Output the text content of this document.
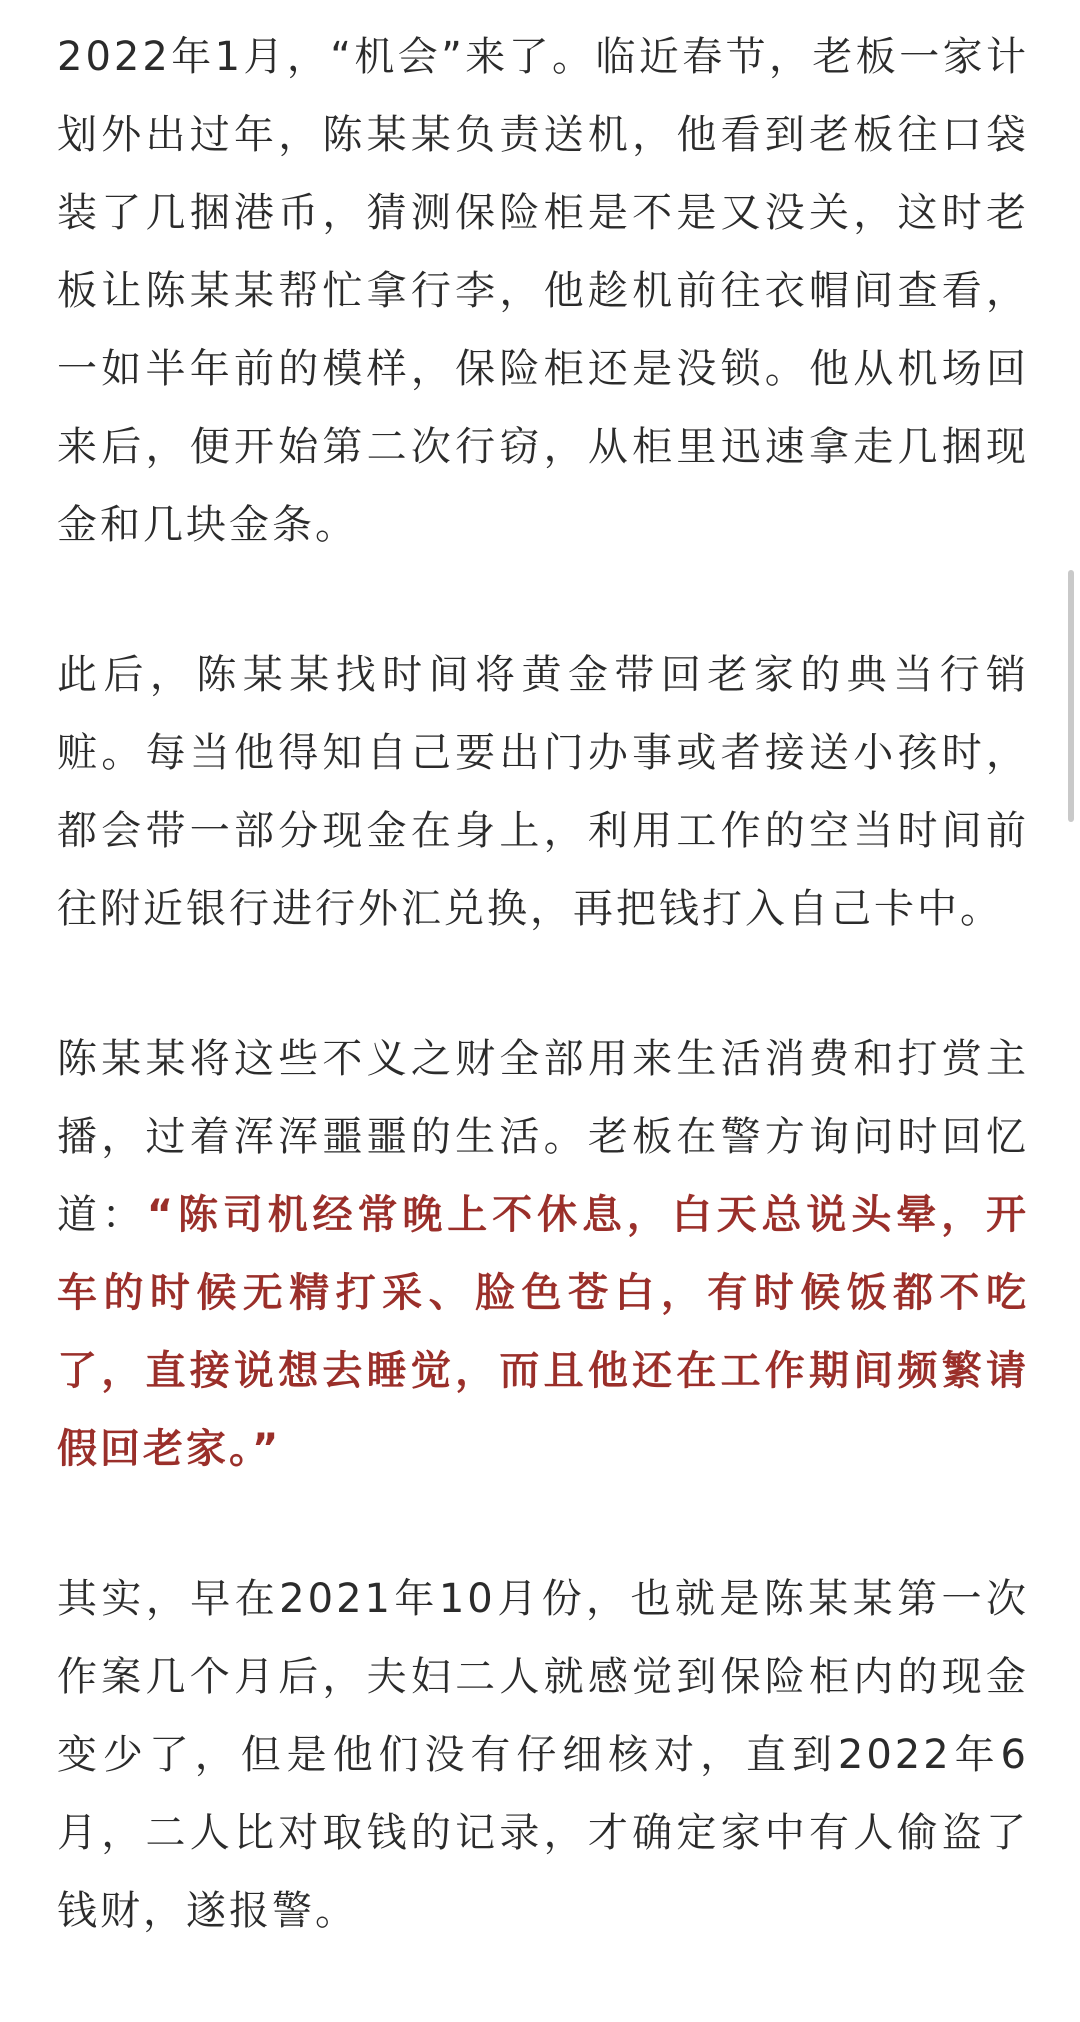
2022年1月，“机会”来了。临近春节，老板一家计划外出过年，陈某某负责送机，他看到老板往口袋装了几捆港币，猜测保险柜是不是又没关，这时老板让陈某某帮忙拿行李，他趁机前往衣帽间查看，一如半年前的模样，保险柜还是没锁。他从机场回来后，便开始第二次行窃，从柜里迅速拿走几捆现金和几块金条。

此后，陈某某找时间将黄金带回老家的典当行销赃。每当他得知自己要出门办事或者接送小孩时，都会带一部分现金在身上，利用工作的空当时间前往附近银行进行外汇兑换，再把钱打入自己卡中。

陈某某将这些不义之财全部用来生活消费和打赏主播，过着浑浑噩噩的生活。老板在警方询问时回忆道：“陈司机经常晚上不休息，白天总说头晕，开车的时候无精打采、脸色苍白，有时候饭都不吃了，直接说想去睡觉，而且他还在工作期间频繁请假回老家。”

其实，早在2021年10月份，也就是陈某某第一次作案几个月后，夫妇二人就感觉到保险柜内的现金变少了，但是他们没有仔细核对，直到2022年6月，二人比对取钱的记录，才确定家中有人偷盗了钱财，遂报警。
